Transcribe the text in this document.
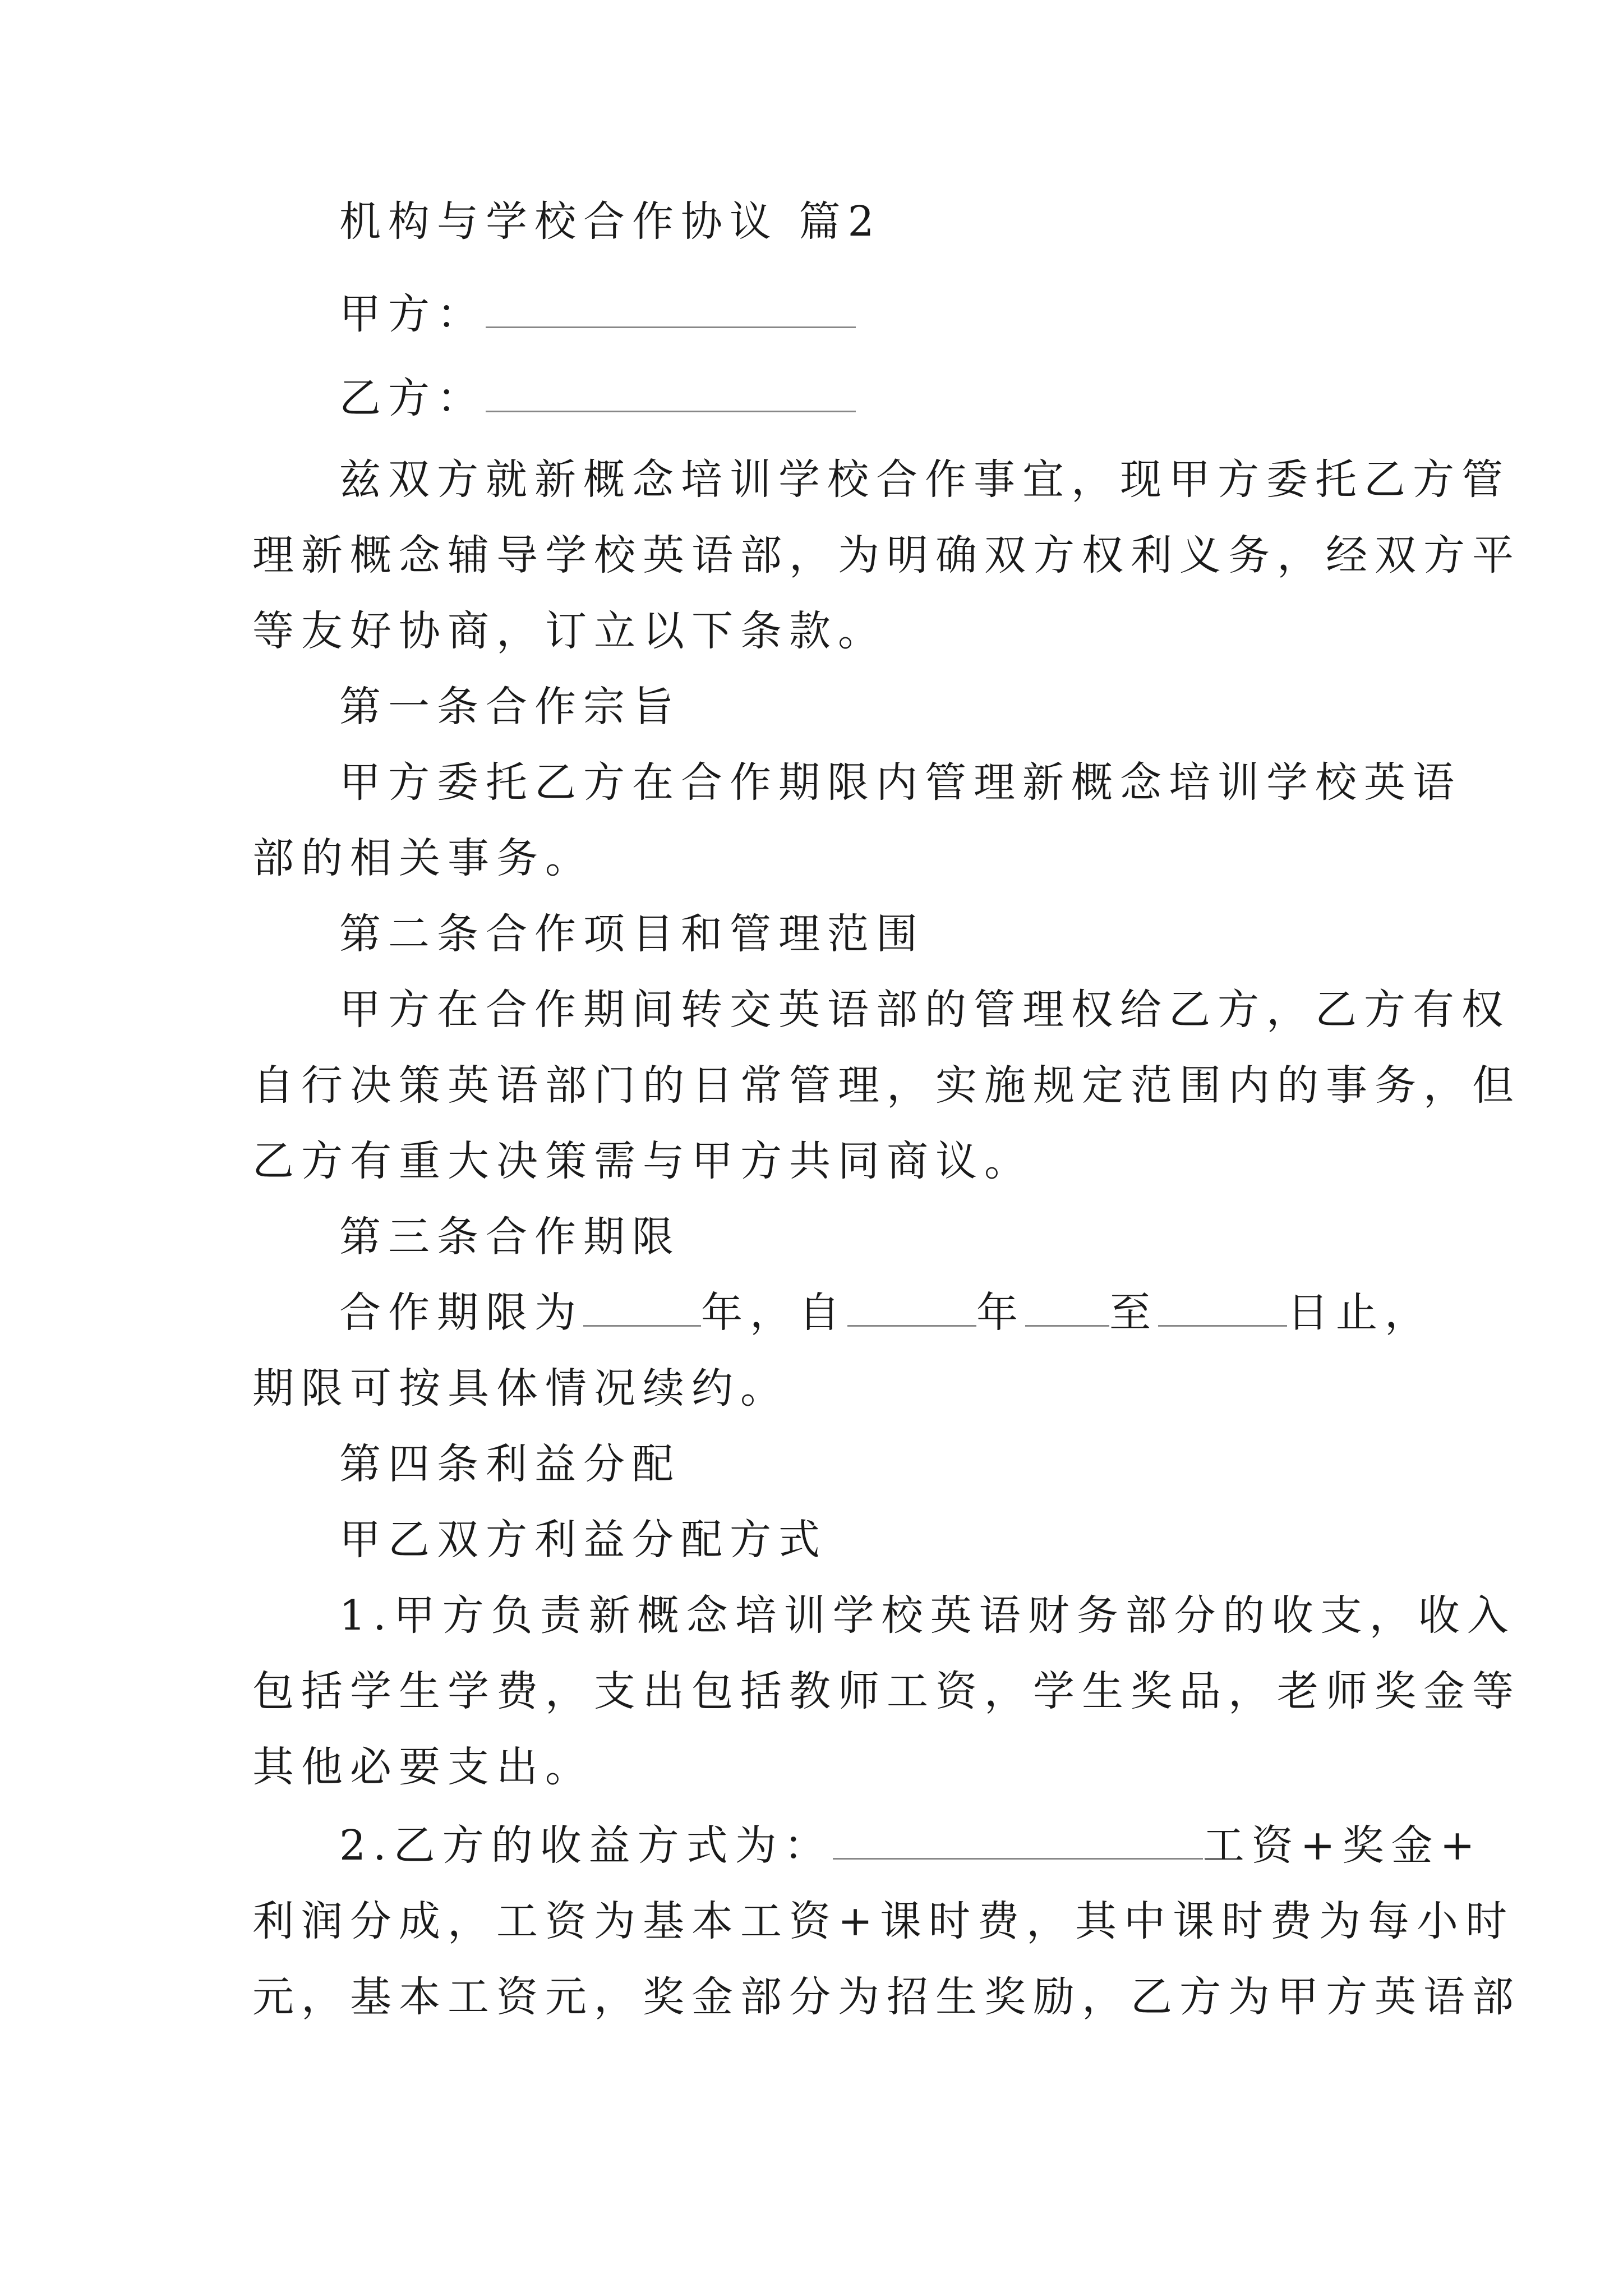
机构与学校合作协议 篇2
甲方：
乙方：
兹双方就新概念培训学校合作事宜，现甲方委托乙方管
理新概念辅导学校英语部，为明确双方权利义务，经双方平
等友好协商，订立以下条款。
第一条合作宗旨
甲方委托乙方在合作期限内管理新概念培训学校英语
部的相关事务。
第二条合作项目和管理范围
甲方在合作期间转交英语部的管理权给乙方，乙方有权
自行决策英语部门的日常管理，实施规定范围内的事务，但
乙方有重大决策需与甲方共同商议。
第三条合作期限
合作期限为	年，自	年 至	日止，
期限可按具体情况续约。
第四条利益分配
甲乙双方利益分配方式
1.甲方负责新概念培训学校英语财务部分的收支，收入
包括学生学费，支出包括教师工资，学生奖品，老师奖金等
其他必要支出。
2.乙方的收益方式为：	工资+奖金+
利润分成，工资为基本工资+课时费，其中课时费为每小时
元，基本工资元，奖金部分为招生奖励，乙方为甲方英语部
